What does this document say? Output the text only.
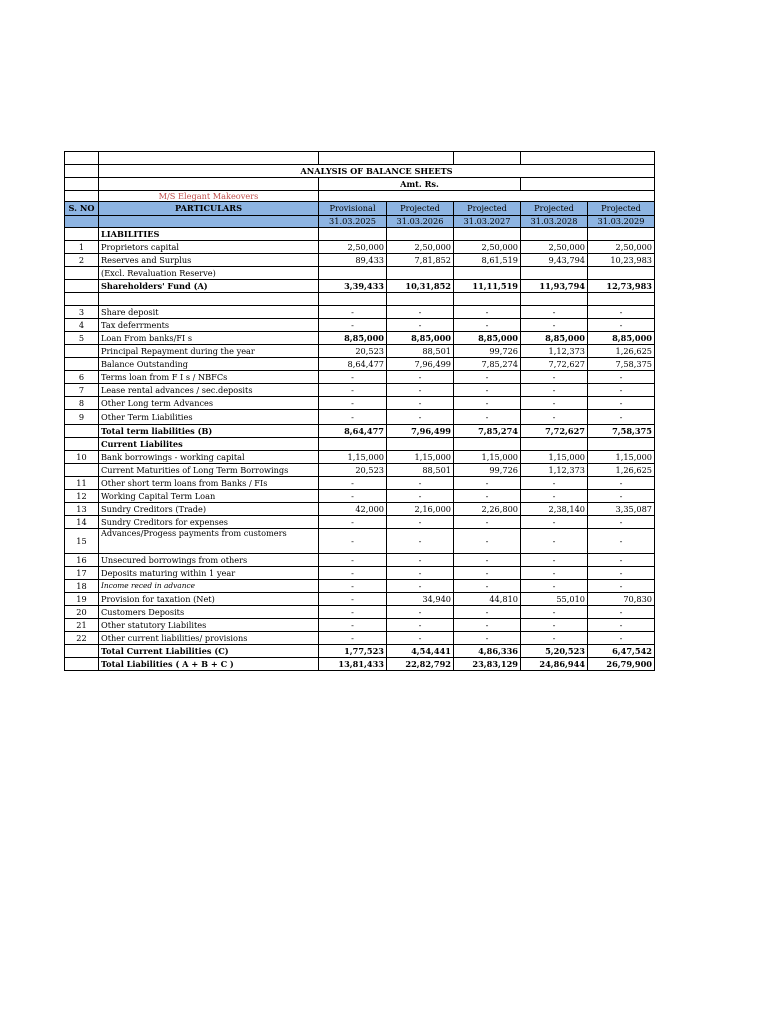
	ANALYSIS OF BALANCE SHEETS					
		Amt. Rs.				
	M/S Elegant Makeovers					
S. NO	PARTICULARS	Provisional	Projected	Projected	Projected	Projected
		31.03.2025	31.03.2026	31.03.2027	31.03.2028	31.03.2029
	LIABILITIES					
1	Proprietors capital	2,50,000	2,50,000	2,50,000	2,50,000	2,50,000
2	Reserves and Surplus	89,433	7,81,852	8,61,519	9,43,794	10,23,983
	(Excl. Revaluation Reserve)					
	Shareholders' Fund (A)	3,39,433	10,31,852	11,11,519	11,93,794	12,73,983

3	Share deposit	-	-	-	-	-
4	Tax deferrments	-	-	-	-	-
5	Loan From banks/FI s	8,85,000	8,85,000	8,85,000	8,85,000	8,85,000
	Principal Repayment during the year	20,523	88,501	99,726	1,12,373	1,26,625
	Balance Outstanding	8,64,477	7,96,499	7,85,274	7,72,627	7,58,375
6	Terms loan from F I s / NBFCs	-	-	-	-	-
7	Lease rental advances / sec.deposits	-	-	-	-	-
8	Other Long term Advances	-	-	-	-	-
9	Other Term Liabilities	-	-	-	-	-
	Total term liabilities (B)	8,64,477	7,96,499	7,85,274	7,72,627	7,58,375
	Current Liabilites					
10	Bank borrowings - working capital	1,15,000	1,15,000	1,15,000	1,15,000	1,15,000
	Current Maturities of Long Term Borrowings	20,523	88,501	99,726	1,12,373	1,26,625
11	Other short term loans from Banks / FIs	-	-	-	-	-
12	Working Capital Term Loan	-	-	-	-	-
13	Sundry Creditors (Trade)	42,000	2,16,000	2,26,800	2,38,140	3,35,087
14	Sundry Creditors for expenses	-	-	-	-	-
15	Advances/Progess payments from customers	-	-	-	-	-
16	Unsecured borrowings from others	-	-	-	-	-
17	Deposits maturing within 1 year	-	-	-	-	-
18	Income reced in advance	-	-	-	-	-
19	Provision for taxation (Net)	-	34,940	44,810	55,010	70,830
20	Customers Deposits	-	-	-	-	-
21	Other statutory Liabilites	-	-	-	-	-
22	Other current liabilities/ provisions	-	-	-	-	-
	Total Current Liabilities (C)	1,77,523	4,54,441	4,86,336	5,20,523	6,47,542
	Total Liabilities ( A + B + C )	13,81,433	22,82,792	23,83,129	24,86,944	26,79,900
